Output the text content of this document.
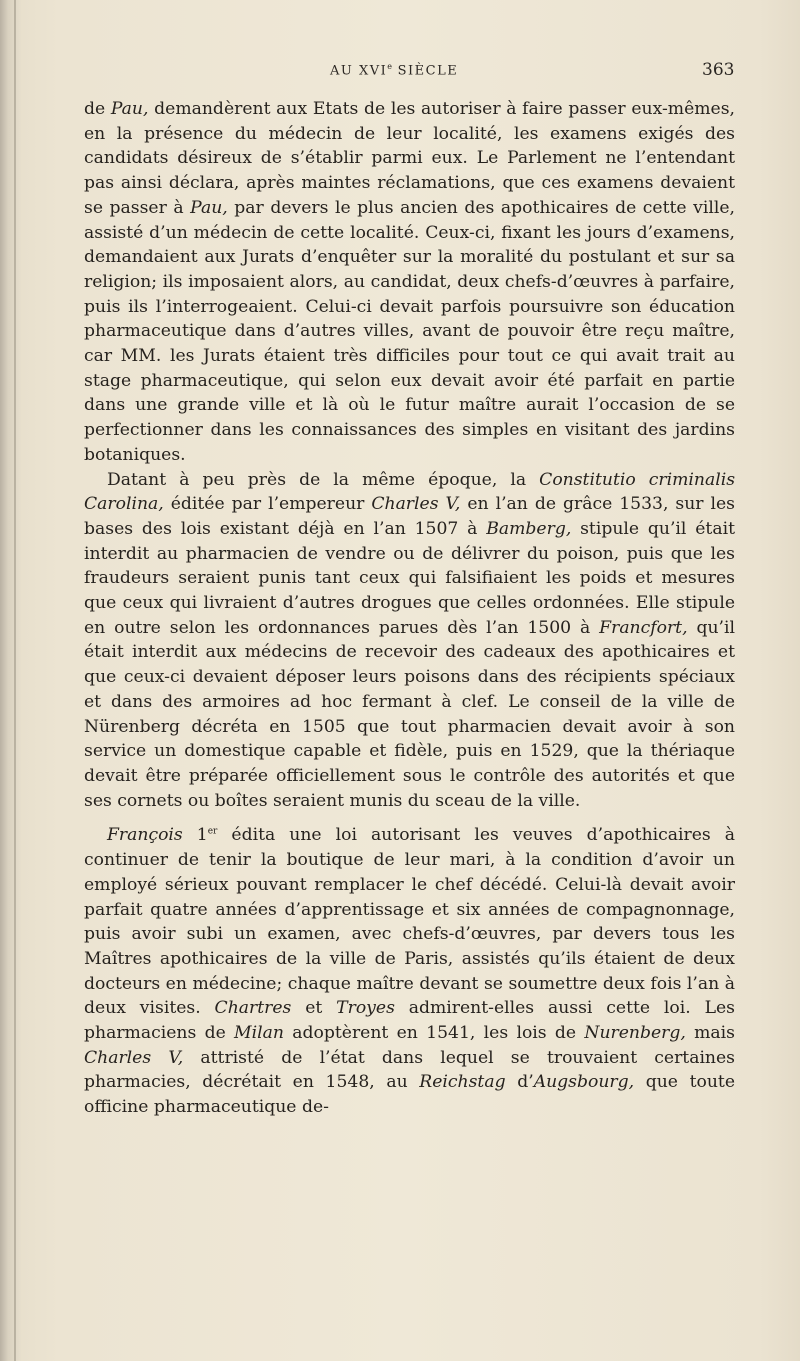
AU XVIe SIÈCLE	363

de Pau, demandèrent aux Etats de les autoriser à faire passer eux-mêmes, en la présence du médecin de leur localité, les examens exigés des candidats désireux de s’établir parmi eux. Le Parlement ne l’entendant pas ainsi déclara, après maintes réclamations, que ces examens devaient se passer à Pau, par devers le plus ancien des apothicaires de cette ville, assisté d’un médecin de cette localité. Ceux-ci, fixant les jours d’examens, demandaient aux Jurats d’enquêter sur la moralité du postulant et sur sa religion; ils imposaient alors, au candidat, deux chefs-d’œuvres à parfaire, puis ils l’interrogeaient. Celui-ci devait parfois poursuivre son éducation pharmaceutique dans d’autres villes, avant de pouvoir être reçu maître, car MM. les Jurats étaient très difficiles pour tout ce qui avait trait au stage pharmaceutique, qui selon eux devait avoir été parfait en partie dans une grande ville et là où le futur maître aurait l’occasion de se perfectionner dans les connaissances des simples en visitant des jardins botaniques.

Datant à peu près de la même époque, la Constitutio criminalis Carolina, éditée par l’empereur Charles V, en l’an de grâce 1533, sur les bases des lois existant déjà en l’an 1507 à Bamberg, stipule qu’il était interdit au pharmacien de vendre ou de délivrer du poison, puis que les fraudeurs seraient punis tant ceux qui falsifiaient les poids et mesures que ceux qui livraient d’autres drogues que celles ordonnées. Elle stipule en outre selon les ordonnances parues dès l’an 1500 à Francfort, qu’il était interdit aux médecins de recevoir des cadeaux des apothicaires et que ceux-ci devaient déposer leurs poisons dans des récipients spéciaux et dans des armoires ad hoc fermant à clef. Le conseil de la ville de Nürenberg décréta en 1505 que tout pharmacien devait avoir à son service un domestique capable et fidèle, puis en 1529, que la thériaque devait être préparée officiellement sous le contrôle des autorités et que ses cornets ou boîtes seraient munis du sceau de la ville.

François 1er édita une loi autorisant les veuves d’apothicaires à continuer de tenir la boutique de leur mari, à la condition d’avoir un employé sérieux pouvant remplacer le chef décédé. Celui-là devait avoir parfait quatre années d’apprentissage et six années de compagnonnage, puis avoir subi un examen, avec chefs-d’œuvres, par devers tous les Maîtres apothicaires de la ville de Paris, assistés qu’ils étaient de deux docteurs en médecine; chaque maître devant se soumettre deux fois l’an à deux visites. Chartres et Troyes admirent-elles aussi cette loi. Les pharmaciens de Milan adoptèrent en 1541, les lois de Nurenberg, mais Charles V, attristé de l’état dans lequel se trouvaient certaines pharmacies, décrétait en 1548, au Reichstag d’Augsbourg, que toute officine pharmaceutique de-
